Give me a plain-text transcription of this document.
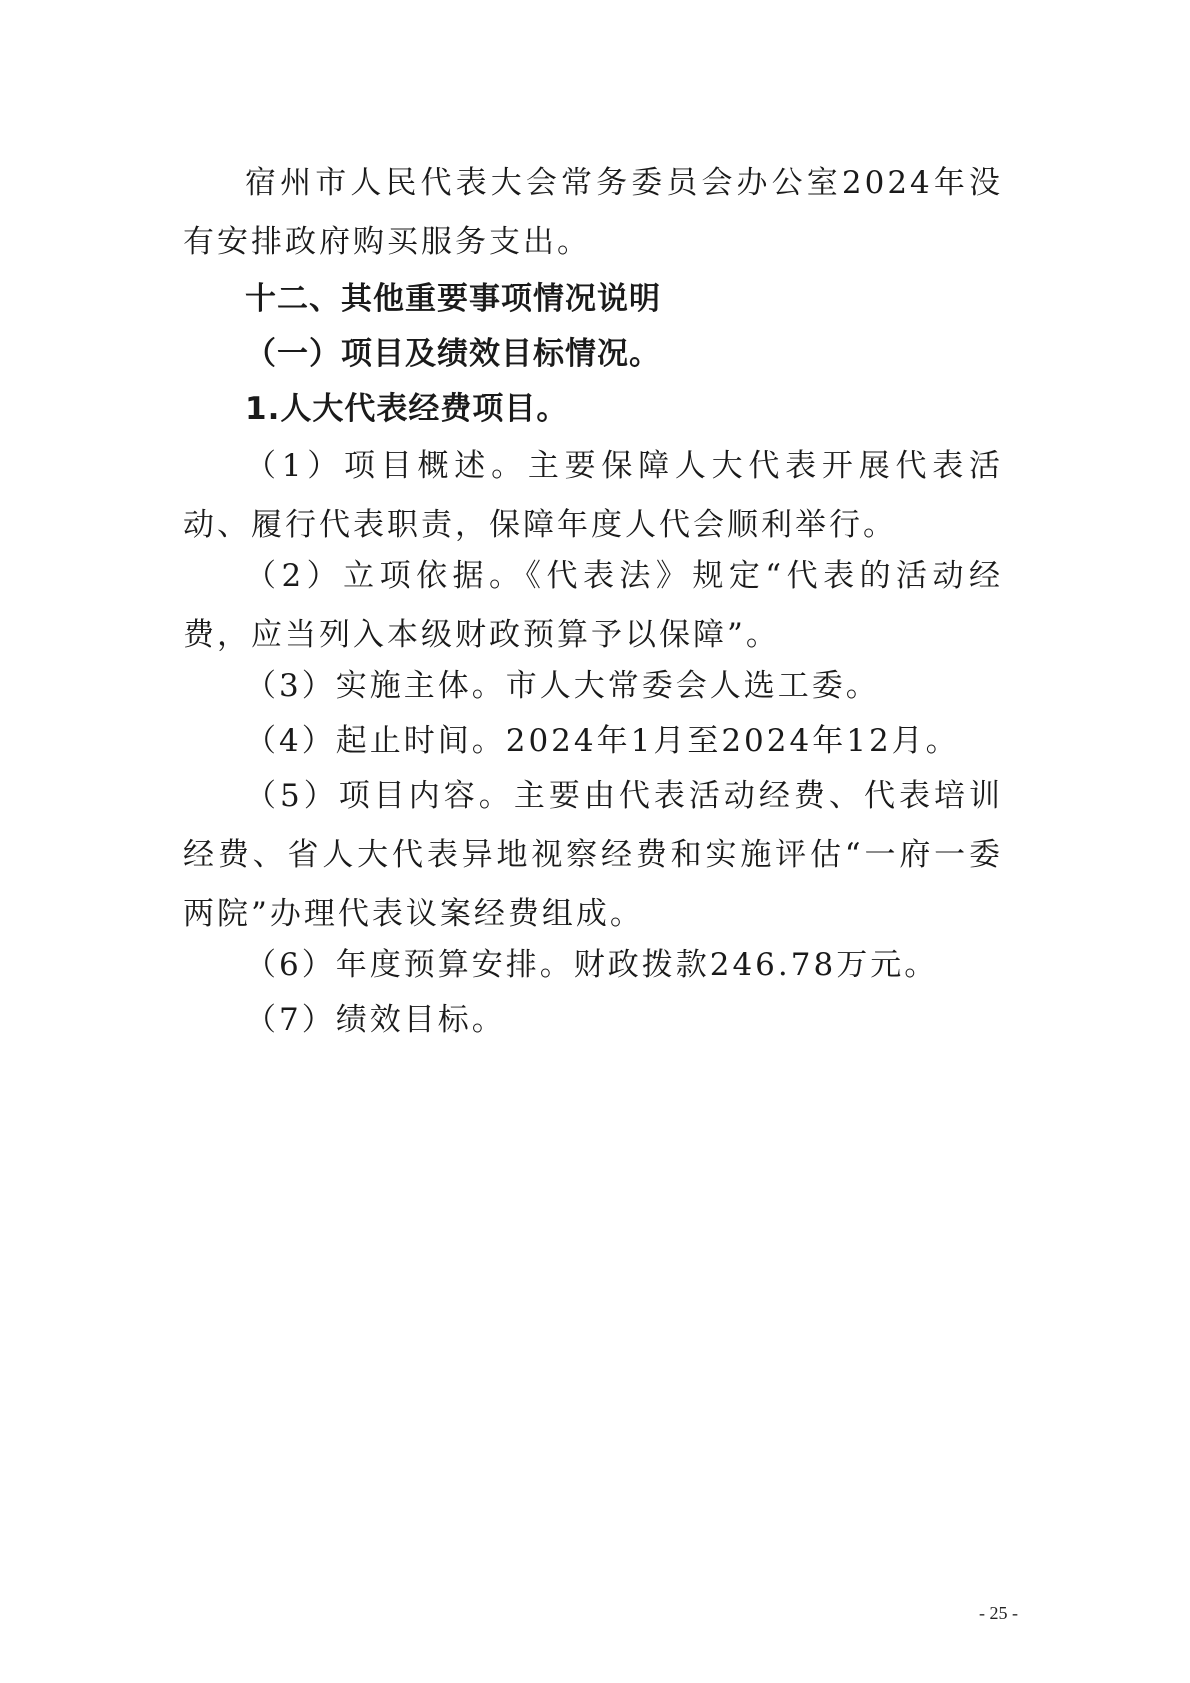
宿州市人民代表大会常务委员会办公室2024年没有安排政府购买服务支出。

十二、其他重要事项情况说明

（一）项目及绩效目标情况。

1.人大代表经费项目。

（1）项目概述。主要保障人大代表开展代表活动、履行代表职责，保障年度人代会顺利举行。

（2）立项依据。《代表法》规定“代表的活动经费，应当列入本级财政预算予以保障”。

（3）实施主体。市人大常委会人选工委。

（4）起止时间。2024年1月至2024年12月。

（5）项目内容。主要由代表活动经费、代表培训经费、省人大代表异地视察经费和实施评估“一府一委两院”办理代表议案经费组成。

（6）年度预算安排。财政拨款246.78万元。

（7）绩效目标。

- 25 -
